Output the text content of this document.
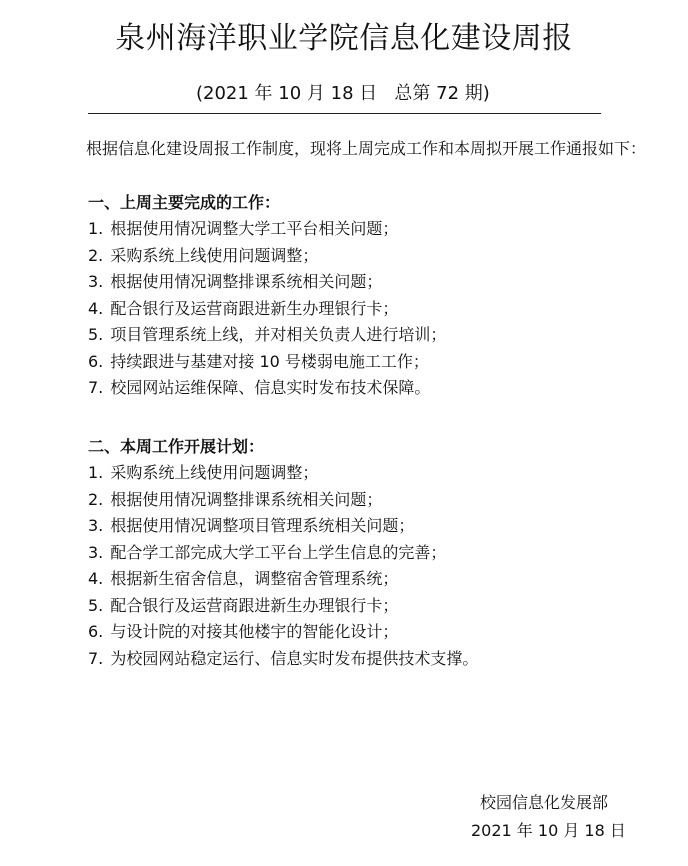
泉州海洋职业学院信息化建设周报
(2021 年 10 月 18 日   总第 72 期)

根据信息化建设周报工作制度，现将上周完成工作和本周拟开展工作通报如下：

一、上周主要完成的工作：
1. 根据使用情况调整大学工平台相关问题；
2. 采购系统上线使用问题调整；
3. 根据使用情况调整排课系统相关问题；
4. 配合银行及运营商跟进新生办理银行卡；
5. 项目管理系统上线，并对相关负责人进行培训；
6. 持续跟进与基建对接 10 号楼弱电施工工作；
7. 校园网站运维保障、信息实时发布技术保障。
二、本周工作开展计划：
1. 采购系统上线使用问题调整；
2. 根据使用情况调整排课系统相关问题；
3. 根据使用情况调整项目管理系统相关问题；
3. 配合学工部完成大学工平台上学生信息的完善；
4. 根据新生宿舍信息，调整宿舍管理系统；
5. 配合银行及运营商跟进新生办理银行卡；
6. 与设计院的对接其他楼宇的智能化设计；
7. 为校园网站稳定运行、信息实时发布提供技术支撑。
校园信息化发展部
2021 年 10 月 18 日
